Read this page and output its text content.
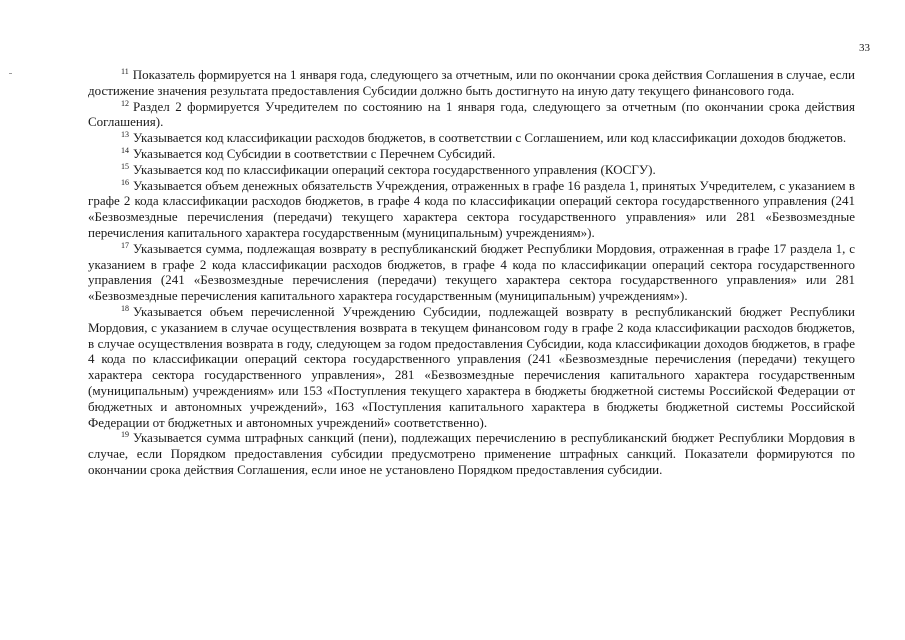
33

$^{11}$ Показатель формируется на 1 января года, следующего за отчетным, или по окончании срока действия Соглашения в случае, если достижение значения результата предоставления Субсидии должно быть достигнуто на иную дату текущего финансового года.

$^{12}$ Раздел 2 формируется Учредителем по состоянию на 1 января года, следующего за отчетным (по окончании срока действия Соглашения).

$^{13}$ Указывается код классификации расходов бюджетов, в соответствии с Соглашением, или код классификации доходов бюджетов.

$^{14}$ Указывается код Субсидии в соответствии с Перечнем Субсидий.

$^{15}$ Указывается код по классификации операций сектора государственного управления (КОСГУ).

$^{16}$ Указывается объем денежных обязательств Учреждения, отраженных в графе 16 раздела 1, принятых Учредителем, с указанием в графе 2 кода классификации расходов бюджетов, в графе 4 кода по классификации операций сектора государственного управления (241 «Безвозмездные перечисления (передачи) текущего характера сектора государственного управления» или 281 «Безвозмездные перечисления капитального характера государственным (муниципальным) учреждениям»).

$^{17}$ Указывается сумма, подлежащая возврату в республиканский бюджет Республики Мордовия, отраженная в графе 17 раздела 1, с указанием в графе 2 кода классификации расходов бюджетов, в графе 4 кода по классификации операций сектора государственного управления (241 «Безвозмездные перечисления (передачи) текущего характера сектора государственного управления» или 281 «Безвозмездные перечисления капитального характера государственным (муниципальным) учреждениям»).

$^{18}$ Указывается объем перечисленной Учреждению Субсидии, подлежащей возврату в республиканский бюджет Республики Мордовия, с указанием в случае осуществления возврата в текущем финансовом году в графе 2 кода классификации расходов бюджетов, в случае осуществления возврата в году, следующем за годом предоставления Субсидии, кода классификации доходов бюджетов, в графе 4 кода по классификации операций сектора государственного управления (241 «Безвозмездные перечисления (передачи) текущего характера сектора государственного управления», 281 «Безвозмездные перечисления капитального характера государственным (муниципальным) учреждениям» или 153 «Поступления текущего характера в бюджеты бюджетной системы Российской Федерации от бюджетных и автономных учреждений», 163 «Поступления капитального характера в бюджеты бюджетной системы Российской Федерации от бюджетных и автономных учреждений» соответственно).

$^{19}$ Указывается сумма штрафных санкций (пени), подлежащих перечислению в республиканский бюджет Республики Мордовия в случае, если Порядком предоставления субсидии предусмотрено применение штрафных санкций. Показатели формируются по окончании срока действия Соглашения, если иное не установлено Порядком предоставления субсидии.
